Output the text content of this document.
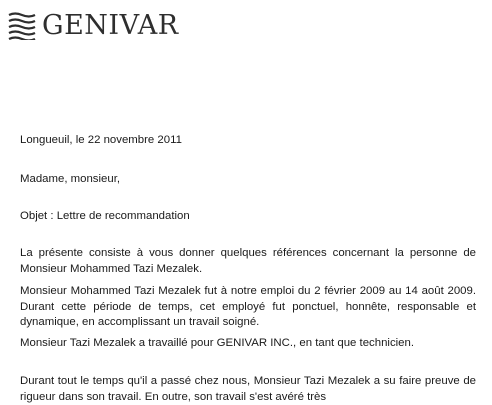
GENIVAR
Longueuil, le 22 novembre 2011
Madame, monsieur,
Objet : Lettre de recommandation
La présente consiste à vous donner quelques références concernant la personne de Monsieur Mohammed Tazi Mezalek.
Monsieur Mohammed Tazi Mezalek fut à notre emploi du 2 février 2009 au 14 août 2009. Durant cette période de temps, cet employé fut ponctuel, honnête, responsable et dynamique, en accomplissant un travail soigné.
Monsieur Tazi Mezalek a travaillé pour GENIVAR INC., en tant que technicien.
Durant tout le temps qu'il a passé chez nous, Monsieur Tazi Mezalek a su faire preuve de rigueur dans son travail. En outre, son travail s'est avéré très
